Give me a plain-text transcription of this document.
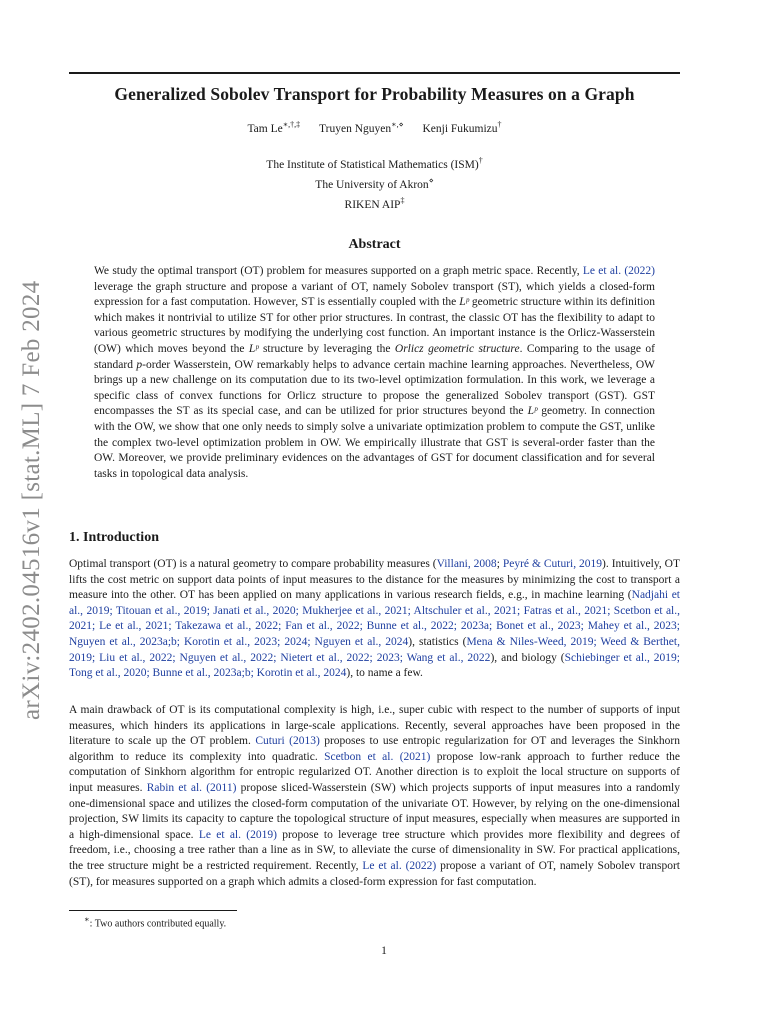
arXiv:2402.04516v1 [stat.ML] 7 Feb 2024
Generalized Sobolev Transport for Probability Measures on a Graph
Tam Le∗,†,‡ Truyen Nguyen∗,⋄ Kenji Fukumizu†
The Institute of Statistical Mathematics (ISM)†
The University of Akron⋄
RIKEN AIP‡
Abstract
We study the optimal transport (OT) problem for measures supported on a graph metric space. Recently, Le et al. (2022) leverage the graph structure and propose a variant of OT, namely Sobolev transport (ST), which yields a closed-form expression for a fast computation. However, ST is essentially coupled with the Lᵖ geometric structure within its definition which makes it nontrivial to utilize ST for other prior structures. In contrast, the classic OT has the flexibility to adapt to various geometric structures by modifying the underlying cost function. An important instance is the Orlicz-Wasserstein (OW) which moves beyond the Lᵖ structure by leveraging the Orlicz geometric structure. Comparing to the usage of standard p-order Wasserstein, OW remarkably helps to advance certain machine learning approaches. Nevertheless, OW brings up a new challenge on its computation due to its two-level optimization formulation. In this work, we leverage a specific class of convex functions for Orlicz structure to propose the generalized Sobolev transport (GST). GST encompasses the ST as its special case, and can be utilized for prior structures beyond the Lᵖ geometry. In connection with the OW, we show that one only needs to simply solve a univariate optimization problem to compute the GST, unlike the complex two-level optimization problem in OW. We empirically illustrate that GST is several-order faster than the OW. Moreover, we provide preliminary evidences on the advantages of GST for document classification and for several tasks in topological data analysis.
1. Introduction
Optimal transport (OT) is a natural geometry to compare probability measures (Villani, 2008; Peyré & Cuturi, 2019). Intuitively, OT lifts the cost metric on support data points of input measures to the distance for the measures by minimizing the cost to transport a measure into the other. OT has been applied on many applications in various research fields, e.g., in machine learning (Nadjahi et al., 2019; Titouan et al., 2019; Janati et al., 2020; Mukherjee et al., 2021; Altschuler et al., 2021; Fatras et al., 2021; Scetbon et al., 2021; Le et al., 2021; Takezawa et al., 2022; Fan et al., 2022; Bunne et al., 2022; 2023a; Bonet et al., 2023; Mahey et al., 2023; Nguyen et al., 2023a;b; Korotin et al., 2023; 2024; Nguyen et al., 2024), statistics (Mena & Niles-Weed, 2019; Weed & Berthet, 2019; Liu et al., 2022; Nguyen et al., 2022; Nietert et al., 2022; 2023; Wang et al., 2022), and biology (Schiebinger et al., 2019; Tong et al., 2020; Bunne et al., 2023a;b; Korotin et al., 2024), to name a few.
A main drawback of OT is its computational complexity is high, i.e., super cubic with respect to the number of supports of input measures, which hinders its applications in large-scale applications. Recently, several approaches have been proposed in the literature to scale up the OT problem. Cuturi (2013) proposes to use entropic regularization for OT and leverages the Sinkhorn algorithm to reduce its complexity into quadratic. Scetbon et al. (2021) propose low-rank approach to further reduce the computation of Sinkhorn algorithm for entropic regularized OT. Another direction is to exploit the local structure on supports of input measures. Rabin et al. (2011) propose sliced-Wasserstein (SW) which projects supports of input measures into a randomly one-dimensional space and utilizes the closed-form computation of the univariate OT. However, by relying on the one-dimensional projection, SW limits its capacity to capture the topological structure of input measures, especially when measures are supported in a high-dimensional space. Le et al. (2019) propose to leverage tree structure which provides more flexibility and degrees of freedom, i.e., choosing a tree rather than a line as in SW, to alleviate the curse of dimensionality in SW. For practical applications, the tree structure might be a restricted requirement. Recently, Le et al. (2022) propose a variant of OT, namely Sobolev transport (ST), for measures supported on a graph which admits a closed-form expression for fast computation.
∗: Two authors contributed equally.
1
